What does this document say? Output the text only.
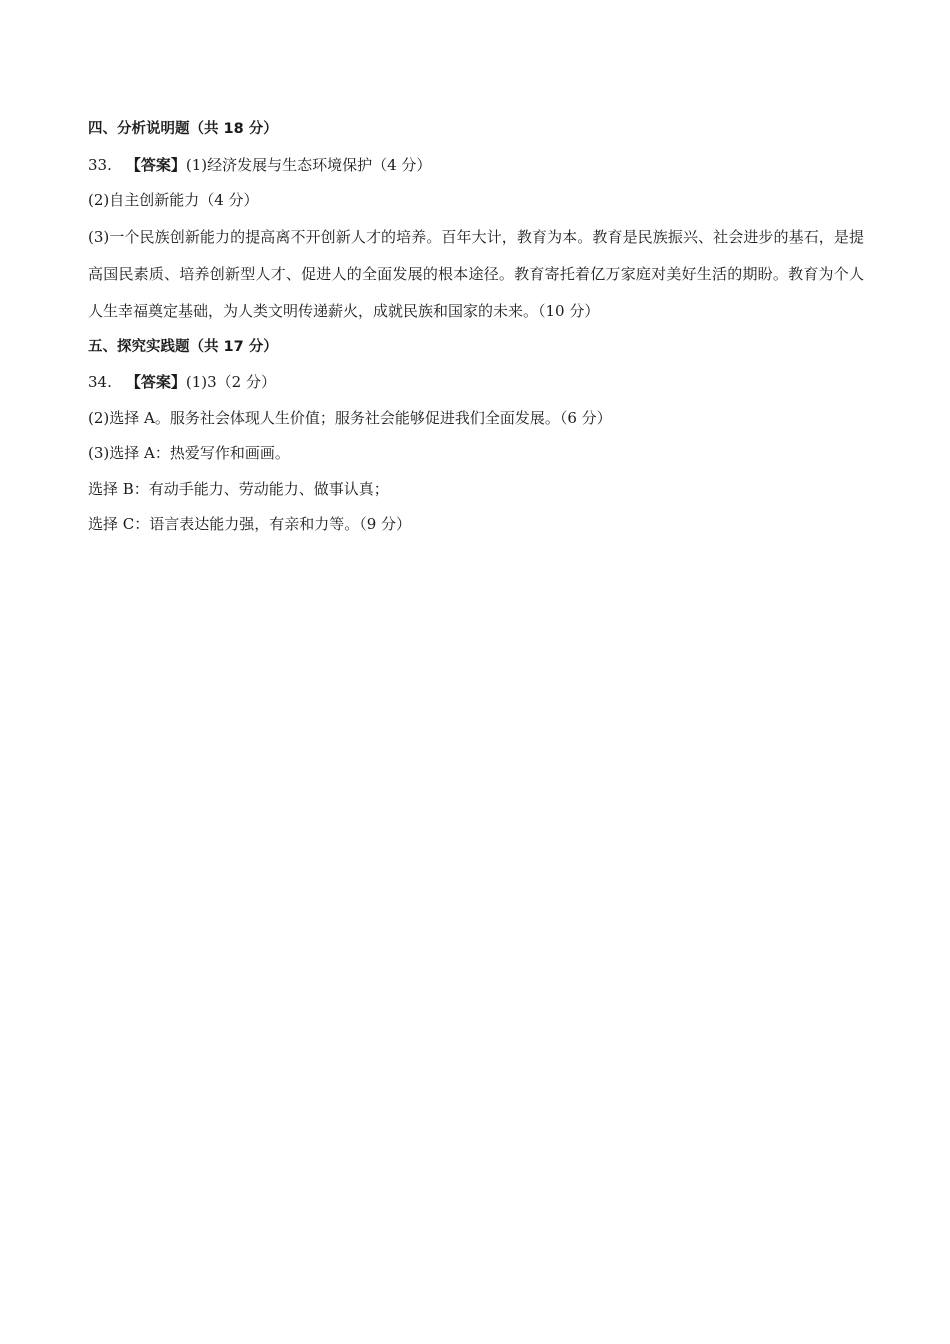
四、分析说明题（共 18 分）

33. 【答案】(1)经济发展与生态环境保护（4 分）

(2)自主创新能力（4 分）

(3)一个民族创新能力的提高离不开创新人才的培养。百年大计，教育为本。教育是民族振兴、社会进步的基石，是提高国民素质、培养创新型人才、促进人的全面发展的根本途径。教育寄托着亿万家庭对美好生活的期盼。教育为个人人生幸福奠定基础，为人类文明传递薪火，成就民族和国家的未来。（10 分）

五、探究实践题（共 17 分）

34. 【答案】(1)3（2 分）

(2)选择 A。服务社会体现人生价值；服务社会能够促进我们全面发展。（6 分）

(3)选择 A：热爱写作和画画。

选择 B：有动手能力、劳动能力、做事认真；

选择 C：语言表达能力强，有亲和力等。（9 分）
